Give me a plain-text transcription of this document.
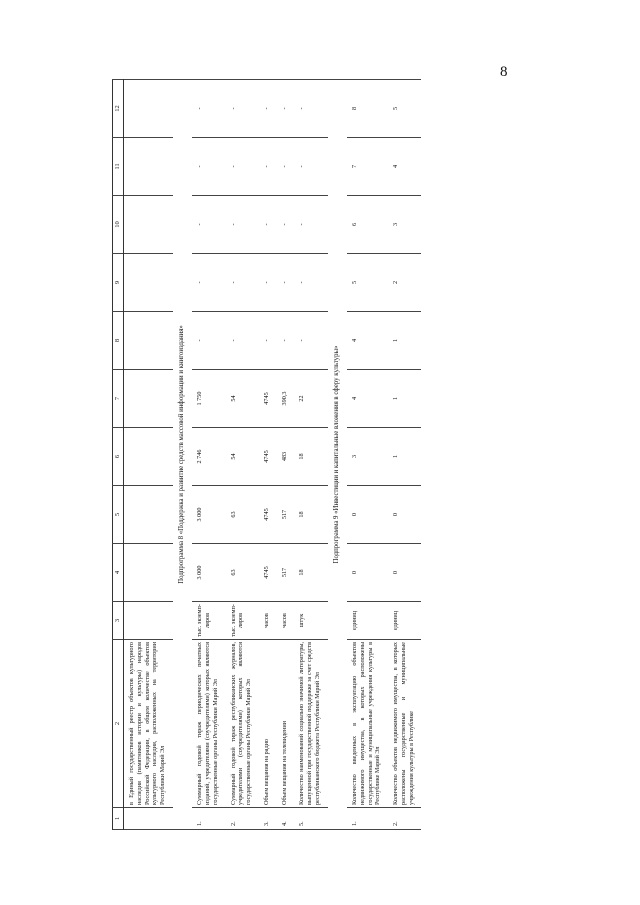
8
1	2	3	4	5	6	7	8	9	10	11	12
	в Единый государственный реестр объектов культурного наследия (памятников истории и культуры) народов Российской Федерации, в общем количестве объектов культурного наследия, расположенных на территории Республики Марий Эл										
Подпрограмма 8 «Поддержка и развитие средств массовой информации и книгоиздания»											
1.	Суммарный годовой тираж периодических печатных изданий, учредителями (соучредителями) которых являются государственные органы Республики Марий Эл	тыс. экземп-ляров	3 000	3 000	2 746	1 750	-	-	-	-	-
2.	Суммарный годовой тираж республиканских журналов, учредителями (соучредителями) которых являются государственные органы Республики Марий Эл	тыс. экземп-ляров	63	63	54	54	-	-	-	-	-
3.	Объем вещания на радио	часов	4745	4745	4745	4745	-	-	-	-	-
4.	Объем вещания на телевидении	часов	517	517	483	390,3	-	-	-	-	-
5.	Количество наименований социально значимой литературы, выпущенной при государственной поддержке за счет средств республиканского бюджета Республики Марий Эл	штук	18	18	18	22	-	-	-	-	-
Подпрограмма 9 «Инвестиции и капитальные вложения в сферу культуры»											
1.	Количество введенных в эксплуатацию объектов недвижимого имущества, в которых расположены государственные и муниципальные учреждения культуры в Республике Марий Эл	единиц	0	0	3	4	4	5	6	7	8
2.	Количество объектов недвижимого имущества, в которых расположены государственные и муниципальные учреждения культуры в Республике	единиц	0	0	1	1	1	2	3	4	5
